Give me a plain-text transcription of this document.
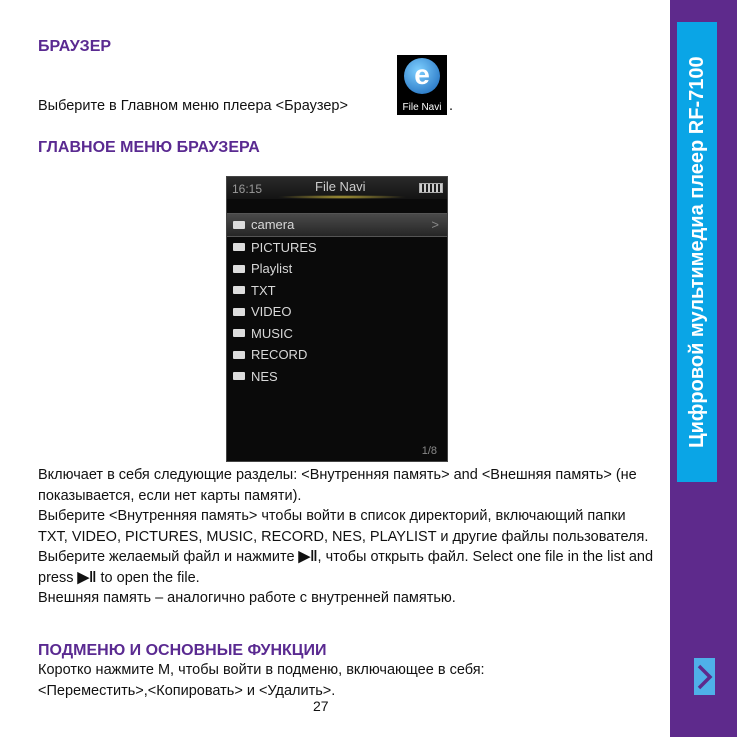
Цифровой мультимедиа плеер RF-7100
БРАУЗЕР
Выберите в Главном меню плеера <Браузер>
e
File Navi .
ГЛАВНОЕ МЕНЮ БРАУЗЕРА
16:15	File Navi
camera	>
PICTURES
Playlist
TXT
VIDEO
MUSIC
RECORD
NES
1/8
Включает в себя следующие разделы: <Внутренняя память> and <Внешняя память> (не показывается, если нет карты памяти).
Выберите <Внутренняя память> чтобы войти в список директорий, включающий папки TXT, VIDEO, PICTURES, MUSIC, RECORD, NES, PLAYLIST и другие файлы пользователя.
Выберите желаемый файл и нажмите ▶‖, чтобы открыть файл. Select one file in the list and press ▶‖ to open the file.
Внешняя память – аналогично работе с внутренней памятью.
ПОДМЕНЮ И ОСНОВНЫЕ ФУНКЦИИ
Коротко нажмите М, чтобы войти в подменю, включающее в себя:
<Переместить>,<Копировать> и <Удалить>.
27
